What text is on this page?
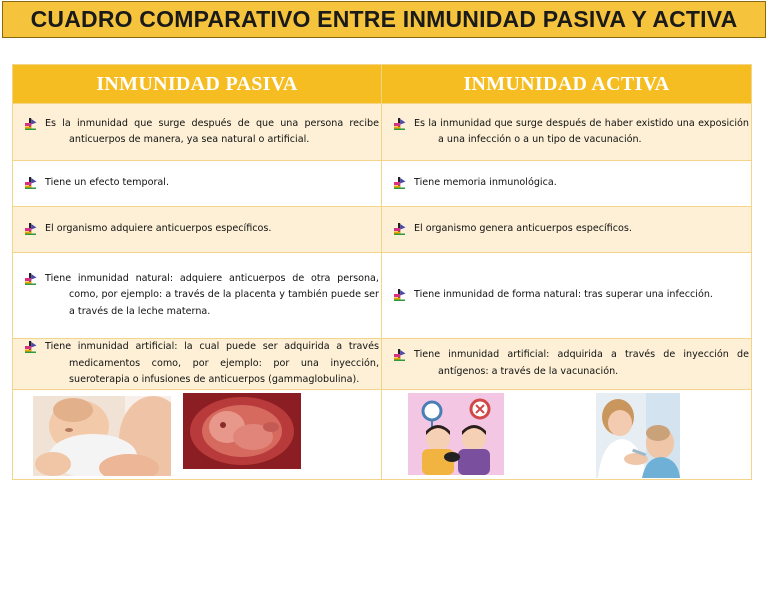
CUADRO COMPARATIVO ENTRE INMUNIDAD PASIVA Y ACTIVA
INMUNIDAD PASIVA	INMUNIDAD ACTIVA

Es la inmunidad que surge después de que una persona recibe anticuerpos de manera, ya sea natural o artificial.	Es la inmunidad que surge después de haber existido una exposición a una infección o a un tipo de vacunación.

Tiene un efecto temporal.	Tiene memoria inmunológica.

El organismo adquiere anticuerpos específicos.	El organismo genera anticuerpos específicos.

Tiene inmunidad natural: adquiere anticuerpos de otra persona, como, por ejemplo: a través de la placenta y también puede ser a través de la leche materna.	Tiene inmunidad de forma natural: tras superar una infección.

Tiene inmunidad artificial: la cual puede ser adquirida a través medicamentos como, por ejemplo: por una inyección, sueroterapia o infusiones de anticuerpos (gammaglobulina).	Tiene inmunidad artificial: adquirida a través de inyección de antígenos: a través de la vacunación.
